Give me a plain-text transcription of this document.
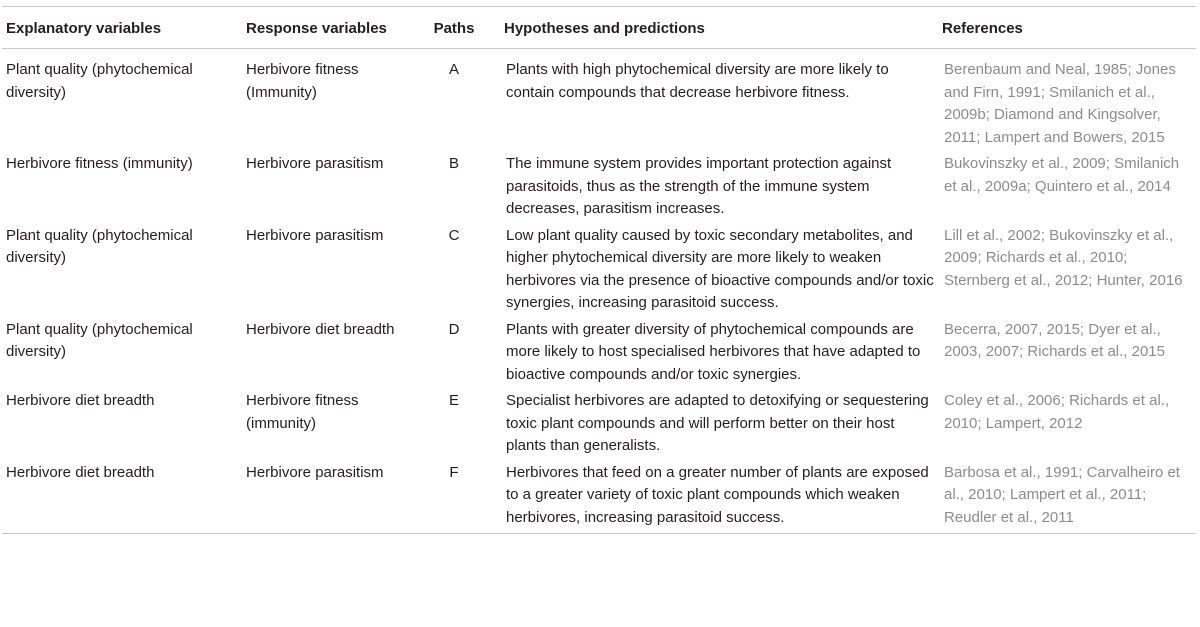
Explanatory variables	Response variables	Paths	Hypotheses and predictions	References
Plant quality (phytochemical diversity)	Herbivore fitness (Immunity)	A	Plants with high phytochemical diversity are more likely to contain compounds that decrease herbivore fitness.	Berenbaum and Neal, 1985; Jones and Firn, 1991; Smilanich et al., 2009b; Diamond and Kingsolver, 2011; Lampert and Bowers, 2015
Herbivore fitness (immunity)	Herbivore parasitism	B	The immune system provides important protection against parasitoids, thus as the strength of the immune system decreases, parasitism increases.	Bukovinszky et al., 2009; Smilanich et al., 2009a; Quintero et al., 2014
Plant quality (phytochemical diversity)	Herbivore parasitism	C	Low plant quality caused by toxic secondary metabolites, and higher phytochemical diversity are more likely to weaken herbivores via the presence of bioactive compounds and/or toxic synergies, increasing parasitoid success.	Lill et al., 2002; Bukovinszky et al., 2009; Richards et al., 2010; Sternberg et al., 2012; Hunter, 2016
Plant quality (phytochemical diversity)	Herbivore diet breadth	D	Plants with greater diversity of phytochemical compounds are more likely to host specialised herbivores that have adapted to bioactive compounds and/or toxic synergies.	Becerra, 2007, 2015; Dyer et al., 2003, 2007; Richards et al., 2015
Herbivore diet breadth	Herbivore fitness (immunity)	E	Specialist herbivores are adapted to detoxifying or sequestering toxic plant compounds and will perform better on their host plants than generalists.	Coley et al., 2006; Richards et al., 2010; Lampert, 2012
Herbivore diet breadth	Herbivore parasitism	F	Herbivores that feed on a greater number of plants are exposed to a greater variety of toxic plant compounds which weaken herbivores, increasing parasitoid success.	Barbosa et al., 1991; Carvalheiro et al., 2010; Lampert et al., 2011; Reudler et al., 2011
